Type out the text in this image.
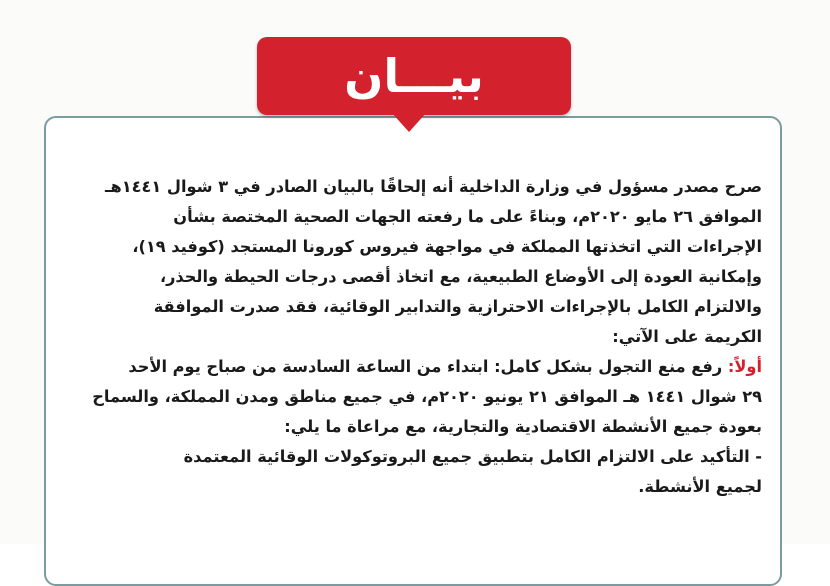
بيـــان
صرح مصدر مسؤول في وزارة الداخلية أنه إلحاقًا بالبيان الصادر في ٣ شوال ١٤٤١هـ
الموافق ٢٦ مايو ٢٠٢٠م، وبناءً على ما رفعته الجهات الصحية المختصة بشأن
الإجراءات التي اتخذتها المملكة في مواجهة فيروس كورونا المستجد (كوفيد ١٩)،
وإمكانية العودة إلى الأوضاع الطبيعية، مع اتخاذ أقصى درجات الحيطة والحذر،
والالتزام الكامل بالإجراءات الاحترازية والتدابير الوقائية، فقد صدرت الموافقة
الكريمة على الآتي:
أولاً: رفع منع التجول بشكل كامل: ابتداء من الساعة السادسة من صباح يوم الأحد
٢٩ شوال ١٤٤١ هـ الموافق ٢١ يونيو ٢٠٢٠م، في جميع مناطق ومدن المملكة، والسماح
بعودة جميع الأنشطة الاقتصادية والتجارية، مع مراعاة ما يلي:
- التأكيد على الالتزام الكامل بتطبيق جميع البروتوكولات الوقائية المعتمدة
لجميع الأنشطة.
